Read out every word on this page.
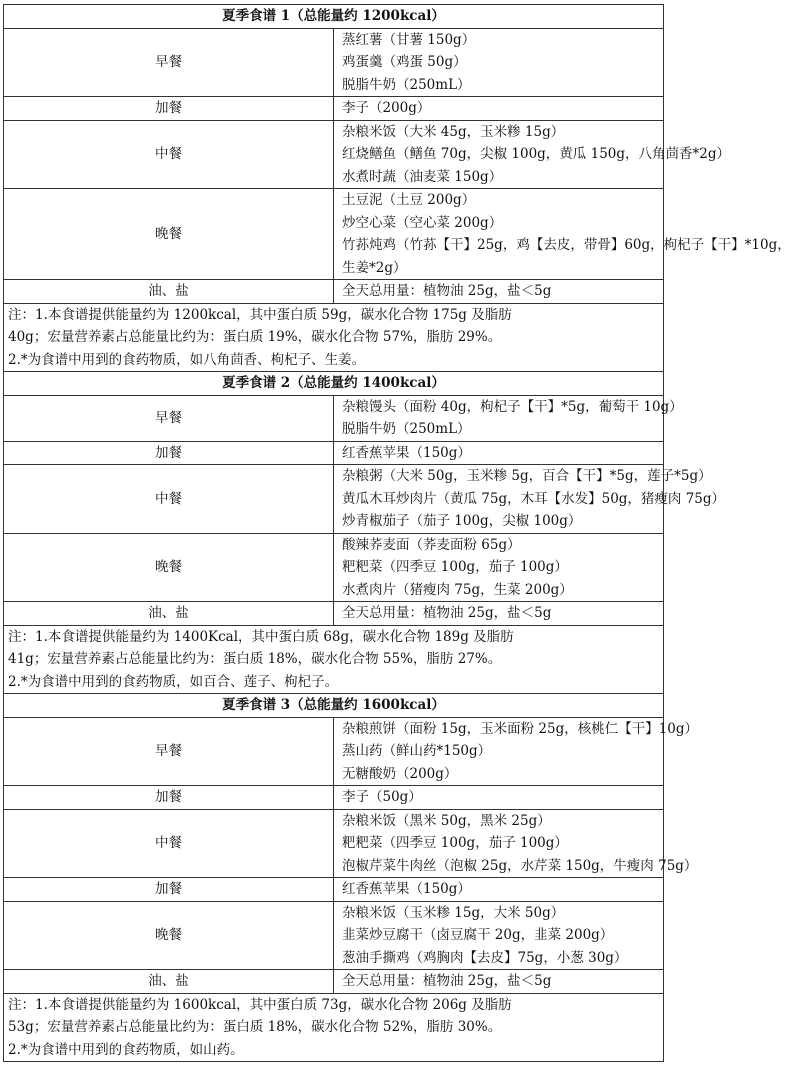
夏季食谱 1（总能量约 1200kcal）	
早餐	蒸红薯（甘薯 150g）
鸡蛋羹（鸡蛋 50g）
脱脂牛奶（250mL）

加餐	李子（200g）

中餐	杂粮米饭（大米 45g，玉米糁 15g）
红烧鳝鱼（鳝鱼 70g，尖椒 100g，黄瓜 150g，八角茴香*2g）
水煮时蔬（油麦菜 150g）

晚餐	土豆泥（土豆 200g）
炒空心菜（空心菜 200g）
竹荪炖鸡（竹荪【干】25g，鸡【去皮，带骨】60g，枸杞子【干】*10g，
生姜*2g）

油、盐	全天总用量：植物油 25g，盐＜5g

注：1.本食谱提供能量约为 1200kcal，其中蛋白质 59g，碳水化合物 175g 及脂肪
40g；宏量营养素占总能量比约为：蛋白质 19%，碳水化合物 57%，脂肪 29%。
2.*为食谱中用到的食药物质，如八角茴香、枸杞子、生姜。	

夏季食谱 2（总能量约 1400kcal）	
早餐	杂粮馒头（面粉 40g，枸杞子【干】*5g，葡萄干 10g）
脱脂牛奶（250mL）

加餐	红香蕉苹果（150g）

中餐	杂粮粥（大米 50g，玉米糁 5g，百合【干】*5g，莲子*5g）
黄瓜木耳炒肉片（黄瓜 75g，木耳【水发】50g，猪瘦肉 75g）
炒青椒茄子（茄子 100g，尖椒 100g）

晚餐	酸辣荞麦面（荞麦面粉 65g）
粑粑菜（四季豆 100g，茄子 100g）
水煮肉片（猪瘦肉 75g，生菜 200g）

油、盐	全天总用量：植物油 25g，盐＜5g

注：1.本食谱提供能量约为 1400Kcal，其中蛋白质 68g，碳水化合物 189g 及脂肪
41g；宏量营养素占总能量比约为：蛋白质 18%，碳水化合物 55%，脂肪 27%。
2.*为食谱中用到的食药物质，如百合、莲子、枸杞子。	

夏季食谱 3（总能量约 1600kcal）	
早餐	杂粮煎饼（面粉 15g，玉米面粉 25g，核桃仁【干】10g）
蒸山药（鲜山药*150g）
无糖酸奶（200g）

加餐	李子（50g）

中餐	杂粮米饭（黑米 50g，黑米 25g）
粑粑菜（四季豆 100g，茄子 100g）
泡椒芹菜牛肉丝（泡椒 25g，水芹菜 150g，牛瘦肉 75g）

加餐	红香蕉苹果（150g）

晚餐	杂粮米饭（玉米糁 15g，大米 50g）
韭菜炒豆腐干（卤豆腐干 20g，韭菜 200g）
葱油手撕鸡（鸡胸肉【去皮】75g，小葱 30g）

油、盐	全天总用量：植物油 25g，盐＜5g

注：1.本食谱提供能量约为 1600kcal，其中蛋白质 73g，碳水化合物 206g 及脂肪
53g；宏量营养素占总能量比约为：蛋白质 18%，碳水化合物 52%，脂肪 30%。
2.*为食谱中用到的食药物质，如山药。	
